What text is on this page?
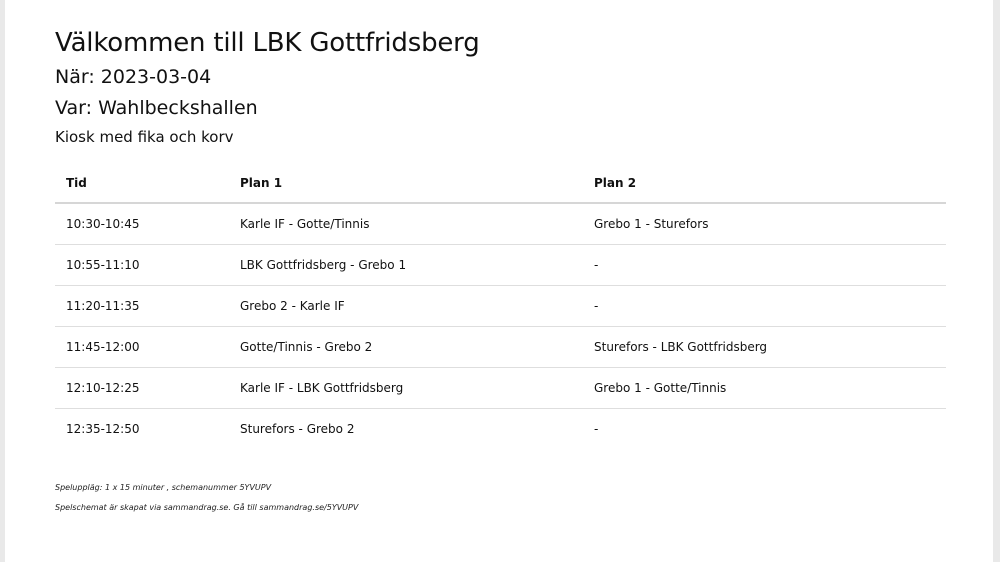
Välkommen till LBK Gottfridsberg
När: 2023-03-04
Var: Wahlbeckshallen
Kiosk med fika och korv
Tid	Plan 1	Plan 2
10:30-10:45	Karle IF - Gotte/Tinnis	Grebo 1 - Sturefors
10:55-11:10	LBK Gottfridsberg - Grebo 1	-
11:20-11:35	Grebo 2 - Karle IF	-
11:45-12:00	Gotte/Tinnis - Grebo 2	Sturefors - LBK Gottfridsberg
12:10-12:25	Karle IF - LBK Gottfridsberg	Grebo 1 - Gotte/Tinnis
12:35-12:50	Sturefors - Grebo 2	-
Speluppläg: 1 x 15 minuter , schemanummer 5YVUPV
Spelschemat är skapat via sammandrag.se. Gå till sammandrag.se/5YVUPV
